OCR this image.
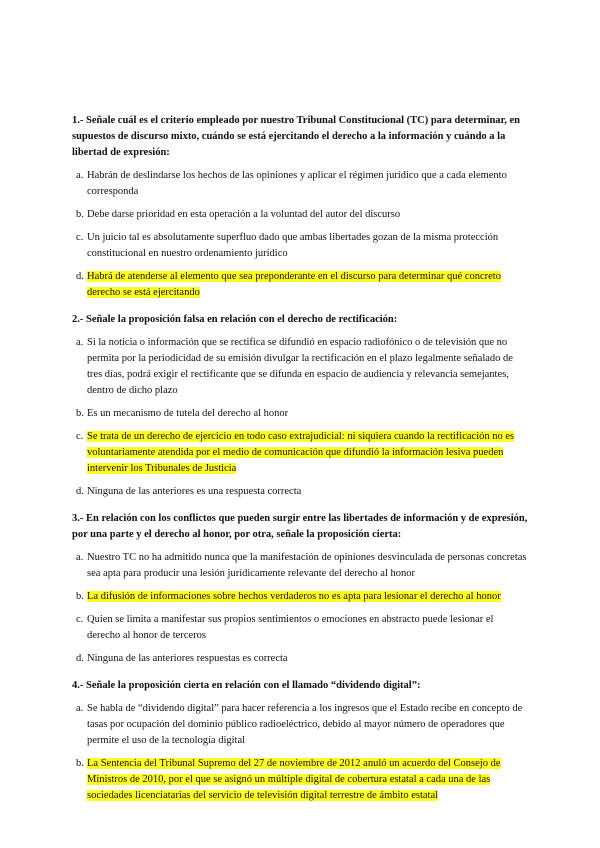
1.- Señale cuál es el criterio empleado por nuestro Tribunal Constitucional (TC) para determinar, en supuestos de discurso mixto, cuándo se está ejercitando el derecho a la información y cuándo a la libertad de expresión:

a. Habrán de deslindarse los hechos de las opiniones y aplicar el régimen jurídico que a cada elemento corresponda
b. Debe darse prioridad en esta operación a la voluntad del autor del discurso
c. Un juicio tal es absolutamente superfluo dado que ambas libertades gozan de la misma protección constitucional en nuestro ordenamiento jurídico
d. Habrá de atenderse al elemento que sea preponderante en el discurso para determinar qué concreto derecho se está ejercitando

2.- Señale la proposición falsa en relación con el derecho de rectificación:

a. Si la noticia o información que se rectifica se difundió en espacio radiofónico o de televisión que no permita por la periodicidad de su emisión divulgar la rectificación en el plazo legalmente señalado de tres días, podrá exigir el rectificante que se difunda en espacio de audiencia y relevancia semejantes, dentro de dicho plazo
b. Es un mecanismo de tutela del derecho al honor
c. Se trata de un derecho de ejercicio en todo caso extrajudicial: ni siquiera cuando la rectificación no es voluntariamente atendida por el medio de comunicación que difundió la información lesiva pueden intervenir los Tribunales de Justicia
d. Ninguna de las anteriores es una respuesta correcta

3.- En relación con los conflictos que pueden surgir entre las libertades de información y de expresión, por una parte y el derecho al honor, por otra, señale la proposición cierta:

a. Nuestro TC no ha admitido nunca que la manifestación de opiniones desvinculada de personas concretas sea apta para producir una lesión jurídicamente relevante del derecho al honor
b. La difusión de informaciones sobre hechos verdaderos no es apta para lesionar el derecho al honor
c. Quien se limita a manifestar sus propios sentimientos o emociones en abstracto puede lesionar el derecho al honor de terceros
d. Ninguna de las anteriores respuestas es correcta

4.- Señale la proposición cierta en relación con el llamado “dividendo digital”:

a. Se habla de “dividendo digital” para hacer referencia a los ingresos que el Estado recibe en concepto de tasas por ocupación del dominio público radioeléctrico, debido al mayor número de operadores que permite el uso de la tecnología digital
b. La Sentencia del Tribunal Supremo del 27 de noviembre de 2012 anuló un acuerdo del Consejo de Ministros de 2010, por el que se asignó un múltiple digital de cobertura estatal a cada una de las sociedades licenciatarias del servicio de televisión digital terrestre de ámbito estatal
